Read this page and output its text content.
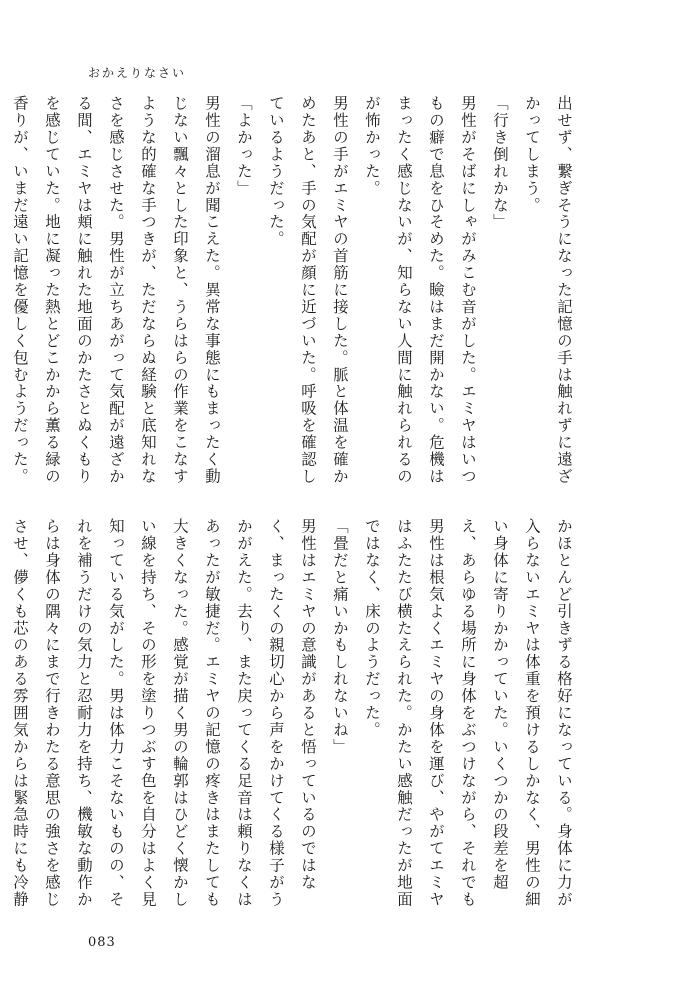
おかえりなさい

出せず、繋ぎそうになった記憶の手は触れずに遠ざかってしまう。

「行き倒れかな」

男性がそばにしゃがみこむ音がした。エミヤはいつもの癖で息をひそめた。瞼はまだ開かない。危機はまったく感じないが、知らない人間に触れられるのが怖かった。

男性の手がエミヤの首筋に接した。脈と体温を確かめたあと、手の気配が顔に近づいた。呼吸を確認しているようだった。

「よかった」

男性の溜息が聞こえた。異常な事態にもまったく動じない飄々とした印象と、うらはらの作業をこなすような的確な手つきが、ただならぬ経験と底知れなさを感じさせた。男性が立ちあがって気配が遠ざかる間、エミヤは頬に触れた地面のかたさとぬくもりを感じていた。地に凝った熱とどこかから薫る緑の香りが、いまだ遠い記憶を優しく包むようだった。

かほとんど引きずる格好になっている。身体に力が入らないエミヤは体重を預けるしかなく、男性の細い身体に寄りかかっていた。いくつかの段差を超え、あらゆる場所に身体をぶつけながら、それでも男性は根気よくエミヤの身体を運び、やがてエミヤはふたたび横たえられた。かたい感触だったが地面ではなく、床のようだった。

「畳だと痛いかもしれないね」

男性はエミヤの意識があると悟っているのではなく、まったくの親切心から声をかけてくる様子がうかがえた。去り、また戻ってくる足音は頼りなくはあったが敏捷だ。エミヤの記憶の疼きはまたしても大きくなった。感覚が描く男の輪郭はひどく懐かしい線を持ち、その形を塗りつぶす色を自分はよく見知っている気がした。男は体力こそないものの、それを補うだけの気力と忍耐力を持ち、機敏な動作からは身体の隅々にまで行きわたる意思の強さを感じさせ、儚くも芯のある雰囲気からは緊急時にも冷静

083
